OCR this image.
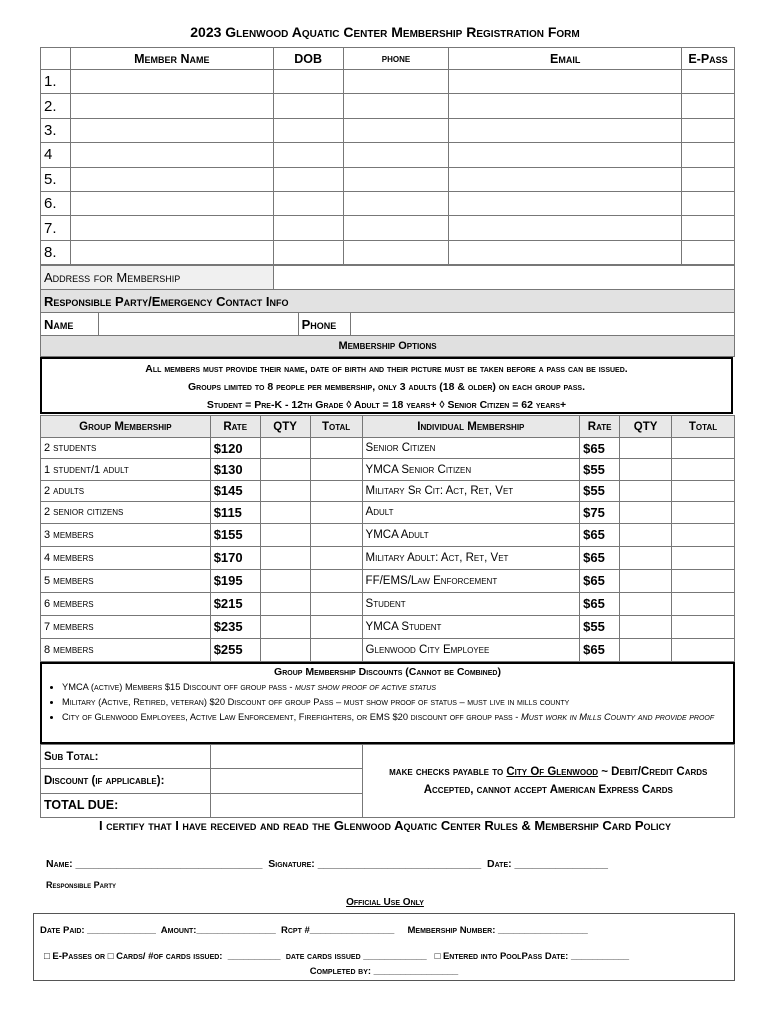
2023 Glenwood Aquatic Center Membership Registration Form
	Member Name	DOB	phone	Email	E-Pass
1.					
2.					
3.					
4					
5.					
6.					
7.					
8.					
Address for Membership	
Responsible Party/Emergency Contact Info
Name		Phone	
Membership Options
All members must provide their name, date of birth and their picture must be taken before a pass can be issued.
Groups limited to 8 people per membership, only 3 adults (18 & older) on each group pass.
Student = Pre-K - 12th Grade ◊ Adult = 18 years+ ◊ Senior Citizen = 62 years+
Group Membership	Rate	QTY	Total	Individual Membership	Rate	QTY	Total
2 students	$120			Senior Citizen	$65		
1 student/1 adult	$130			YMCA Senior Citizen	$55		
2 adults	$145			Military Sr Cit: Act, Ret, Vet	$55		
2 senior citizens	$115			Adult	$75		
3 members	$155			YMCA Adult	$65		
4 members	$170			Military Adult: Act, Ret, Vet	$65		
5 members	$195			FF/EMS/Law Enforcement	$65		
6 members	$215			Student	$65		
7 members	$235			YMCA Student	$55		
8 members	$255			Glenwood City Employee	$65		
Group Membership Discounts (Cannot be Combined)
• YMCA (active) Members $15 Discount off group pass - must show proof of active status
• Military (Active, Retired, veteran) $20 Discount off group Pass – must show proof of status – must live in mills county
• City of Glenwood Employees, Active Law Enforcement, Firefighters, or EMS $20 discount off group pass - Must work in Mills County and provide proof
Sub Total:		make checks payable to City Of Glenwood ~ Debit/Credit Cards
Accepted, cannot accept American Express Cards

Discount (if applicable):		
TOTAL DUE:		
I certify that I have received and read the Glenwood Aquatic Center Rules & Membership Card Policy
Name: ________________________________  Signature: ____________________________  Date: ________________
Responsible Party
Official Use Only
Date Paid: _____________  Amount:_______________  Rcpt #________________     Membership Number: _________________
□ E-Passes or □ Cards/ #of cards issued:  __________  date cards issued ____________   □ Entered into PoolPass Date: ___________
Completed by: ________________
